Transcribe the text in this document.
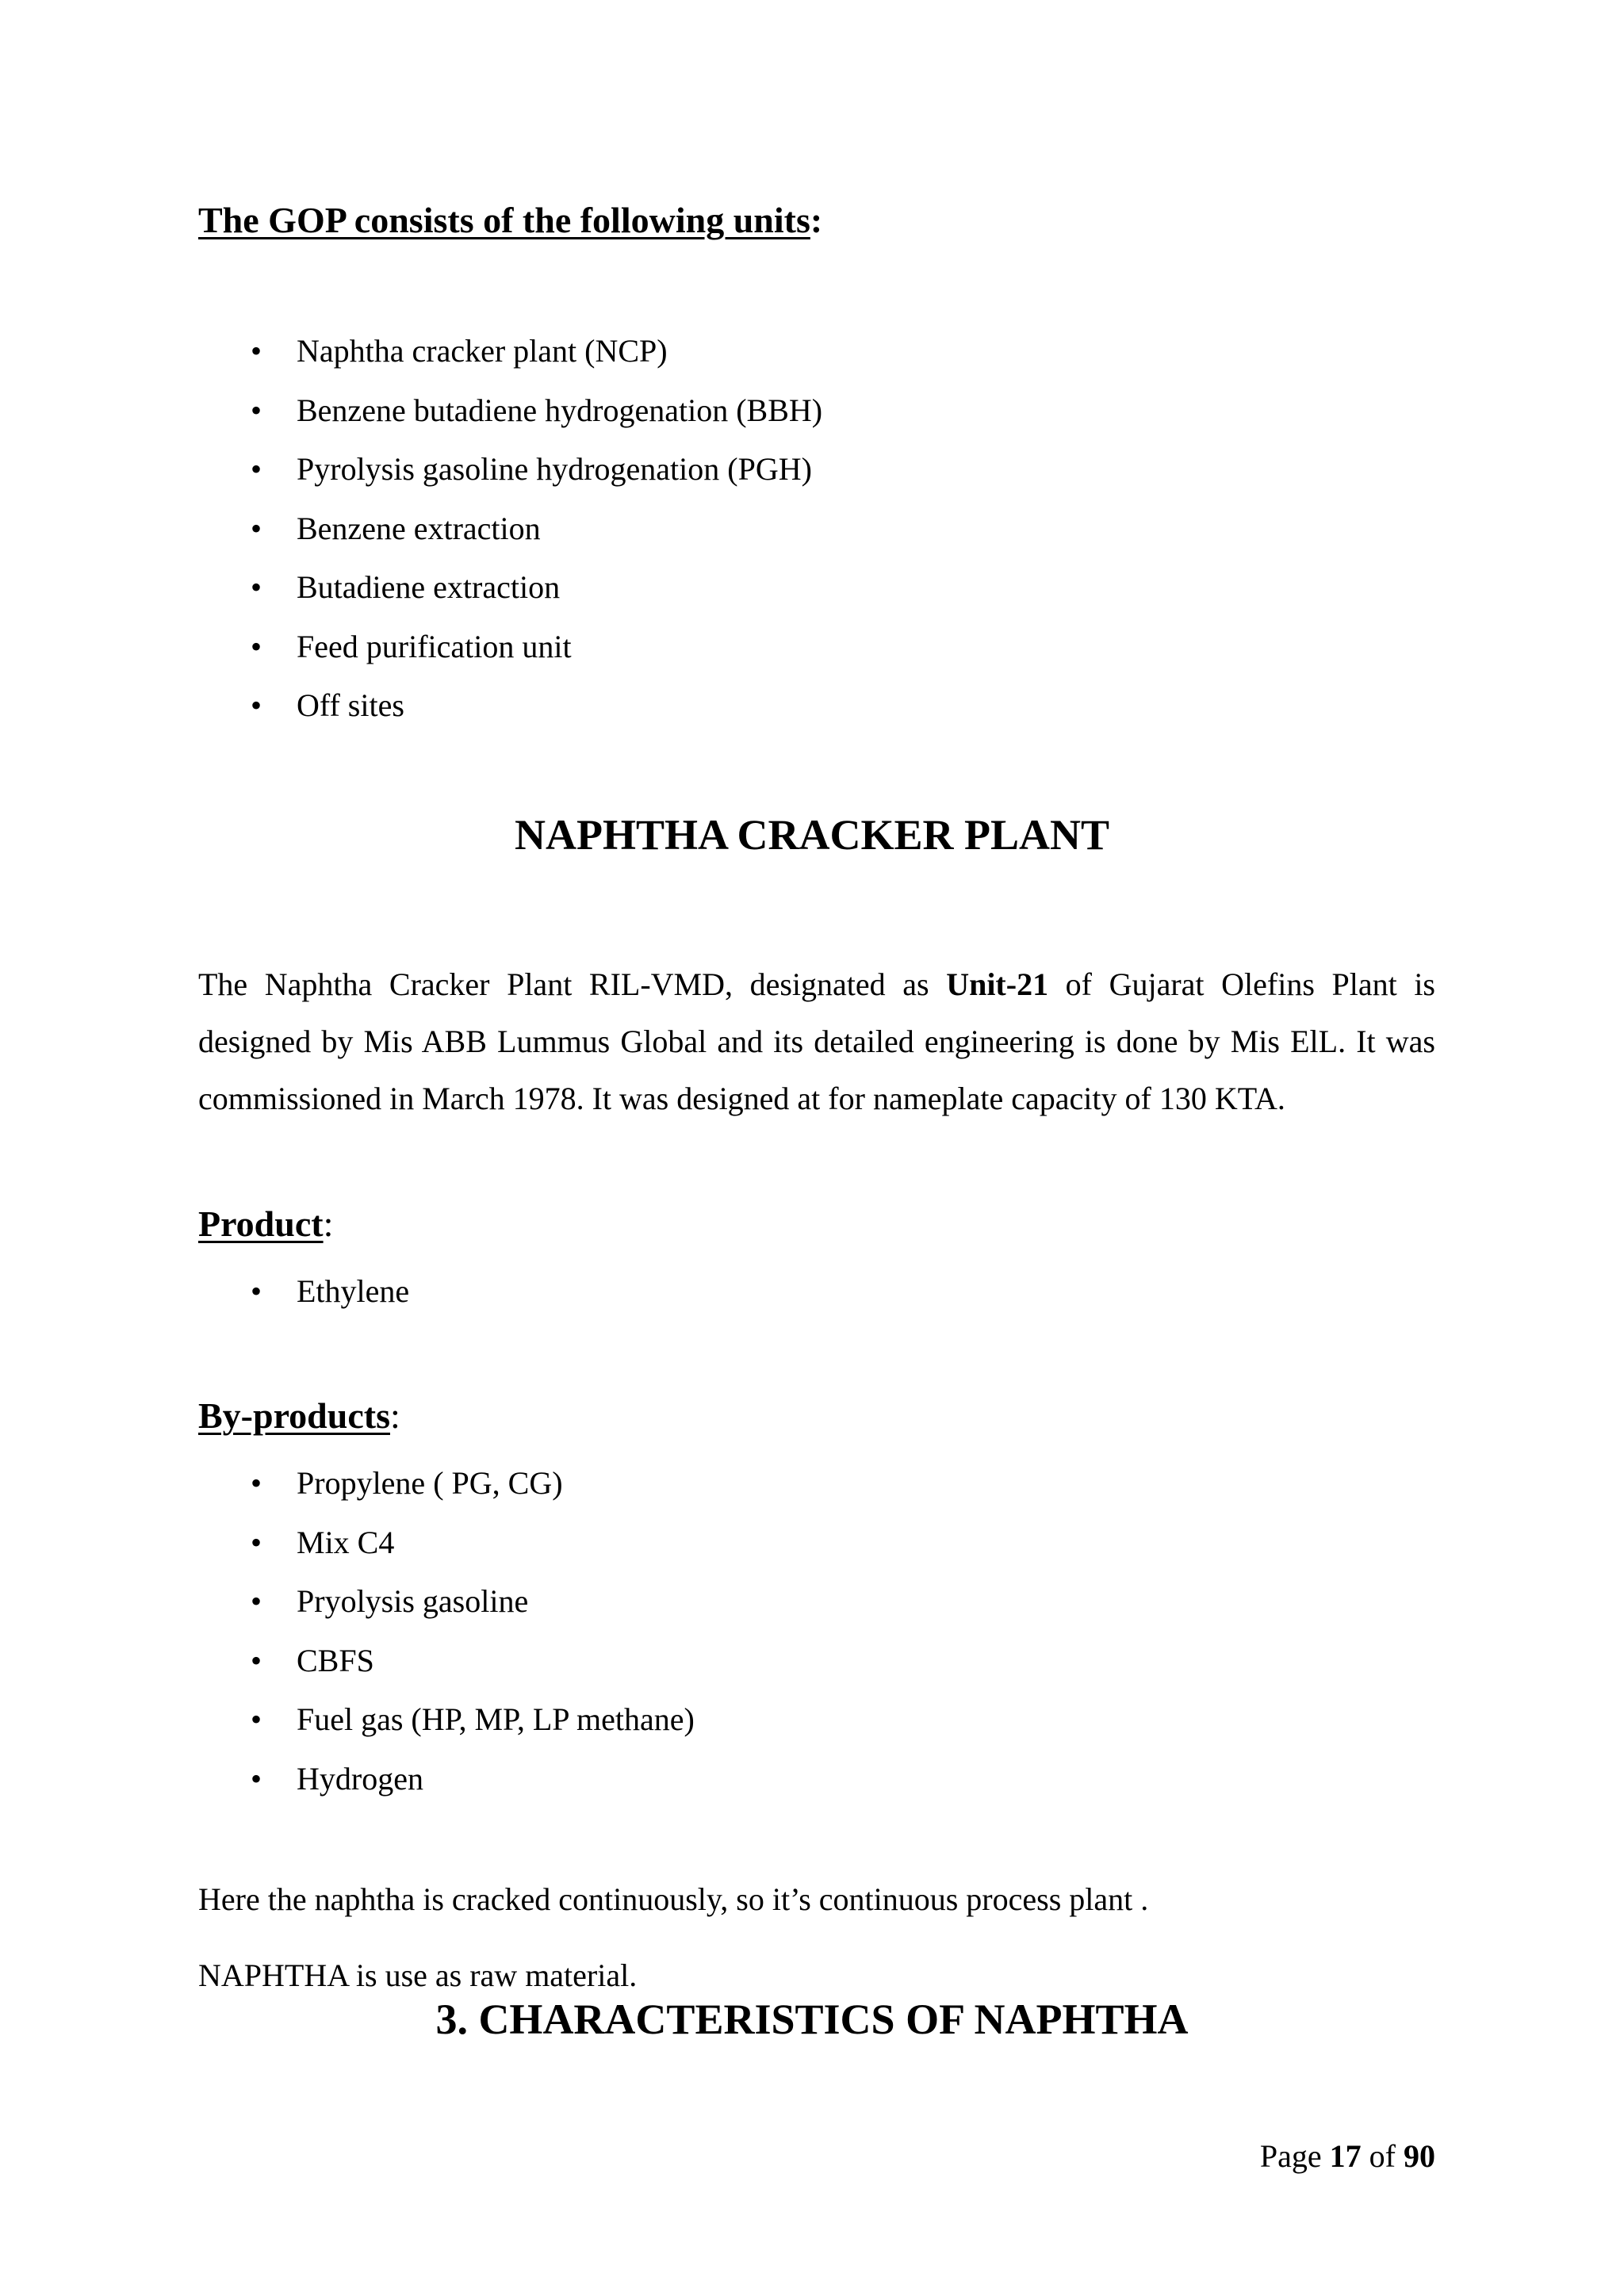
The GOP consists of the following units:
• Naphtha cracker plant (NCP)
• Benzene butadiene hydrogenation (BBH)
• Pyrolysis gasoline hydrogenation (PGH)
• Benzene extraction
• Butadiene extraction
• Feed purification unit
• Off sites
NAPHTHA CRACKER PLANT

The Naphtha Cracker Plant RIL-VMD, designated as Unit-21 of Gujarat Olefins Plant is designed by Mis ABB Lummus Global and its detailed engineering is done by Mis ElL. It was commissioned in March 1978. It was designed at for nameplate capacity of 130 KTA.

Product:
• Ethylene
By-products:
• Propylene ( PG, CG)
• Mix C4
• Pryolysis gasoline
• CBFS
• Fuel gas (HP, MP, LP methane)
• Hydrogen
Here the naphtha is cracked continuously, so it’s continuous process plant .
NAPHTHA is use as raw material.
3. CHARACTERISTICS OF NAPHTHA
Page 17 of 90
